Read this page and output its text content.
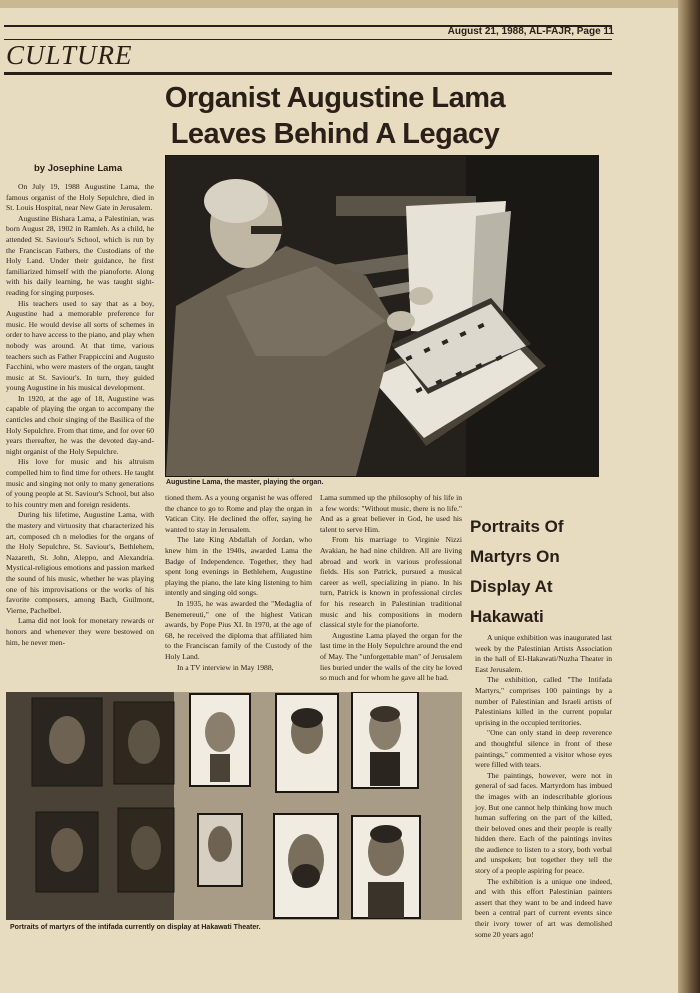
August 21, 1988, AL-FAJR, Page 11
CULTURE
Organist Augustine Lama
Leaves Behind A Legacy
by Josephine Lama

On July 19, 1988 Augustine Lama, the famous organist of the Holy Sepulchre, died in St. Louis Hospital, near New Gate in Jerusalem.

Augustine Bishara Lama, a Palestinian, was born August 28, 1902 in Ramleh. As a child, he attended St. Saviour's School, which is run by the Franciscan Fathers, the Custodians of the Holy Land. Under their guidance, he first familiarized himself with the pianoforte. Along with his daily learning, he was taught sight-reading for singing purposes.

His teachers used to say that as a boy, Augustine had a memorable preference for music. He would devise all sorts of schemes in order to have access to the piano, and play when nobody was around. At that time, various teachers such as Father Frappiccini and Augusto Facchini, who were masters of the organ, taught music at St. Saviour's. In turn, they guided young Augustine in his musical development.

In 1920, at the age of 18, Augustine was capable of playing the organ to accompany the canticles and choir singing of the Basilica of the Holy Sepulchre. From that time, and for over 60 years thereafter, he was the devoted day-and-night organist of the Holy Sepulchre.

His love for music and his altruism compelled him to find time for others. He taught music and singing not only to many generations of young people at St. Saviour's School, but also to his country men and foreign residents.

During his lifetime, Augustine Lama, with the mastery and virtuosity that characterized his art, composed ch n melodies for the organs of the Holy Sepulchre, St. Saviour's, Bethlehem, Nazareth, St. John, Aleppo, and Alexandria. Mystical-religious emotions and passion marked the sound of his music, whether he was playing one of his improvisations or the works of his favorite composers, among Bach, Guilmont, Vierne, Pachelbel.

Lama did not look for monetary rewards or honors and whenever they were bestowed on him, he never men-

Augustine Lama, the master, playing the organ.

tioned them. As a young organist he was offered the chance to go to Rome and play the organ in Vatican City. He declined the offer, saying he wanted to stay in Jerusalem.

The late King Abdallah of Jordan, who knew him in the 1940s, awarded Lama the Badge of Independence. Together, they had spent long evenings in Bethlehem, Augustine playing the piano, the late king listening to him intently and singing old songs.

In 1935, he was awarded the "Medaglia of Benemereuti," one of the highest Vatican awards, by Pope Pius XI. In 1970, at the age of 68, he received the diploma that affiliated him to the Franciscan family of the Custody of the Holy Land.

In a TV interview in May 1988,

Lama summed up the philosophy of his life in a few words: "Without music, there is no life." And as a great believer in God, he used his talent to serve Him.

From his marriage to Virginie Nizzi Avakian, he had nine children. All are living abroad and work in various professional fields. His son Patrick, pursued a musical career as well, specializing in piano. In his turn, Patrick is known in professional circles for his research in Palestinian traditional music and his compositions in modern classical style for the pianoforte.

Augustine Lama played the organ for the last time in the Holy Sepulchre around the end of May. The "unforgettable man" of Jerusalem lies buried under the walls of the city he loved so much and for whom he gave all he had.

Portraits Of
Martyrs On
Display At
Hakawati

A unique exhibition was inaugurated last week by the Palestinian Artists Association in the hall of El-Hakawati/Nuzha Theater in East Jerusalem.

The exhibition, called "The Intifada Martyrs," comprises 100 paintings by a number of Palestinian and Israeli artists of Palestinians killed in the current popular uprising in the occupied territories.

"One can only stand in deep reverence and thoughtful silence in front of these paintings," commented a visitor whose eyes were filled with tears.

The paintings, however, were not in general of sad faces. Martyrdom has imbued the images with an indescribable glorious joy. But one cannot help thinking how much human suffering on the part of the killed, their beloved ones and their people is really hidden there. Each of the paintings invites the audience to listen to a story, both verbal and unspoken; but together they tell the story of a people aspiring for peace.

The exhibition is a unique one indeed, and with this effort Palestinian painters assert that they want to be and indeed have been a central part of current events since their ivory tower of art was demolished some 20 years ago!

Portraits of martyrs of the intifada currently on display at Hakawati Theater.
